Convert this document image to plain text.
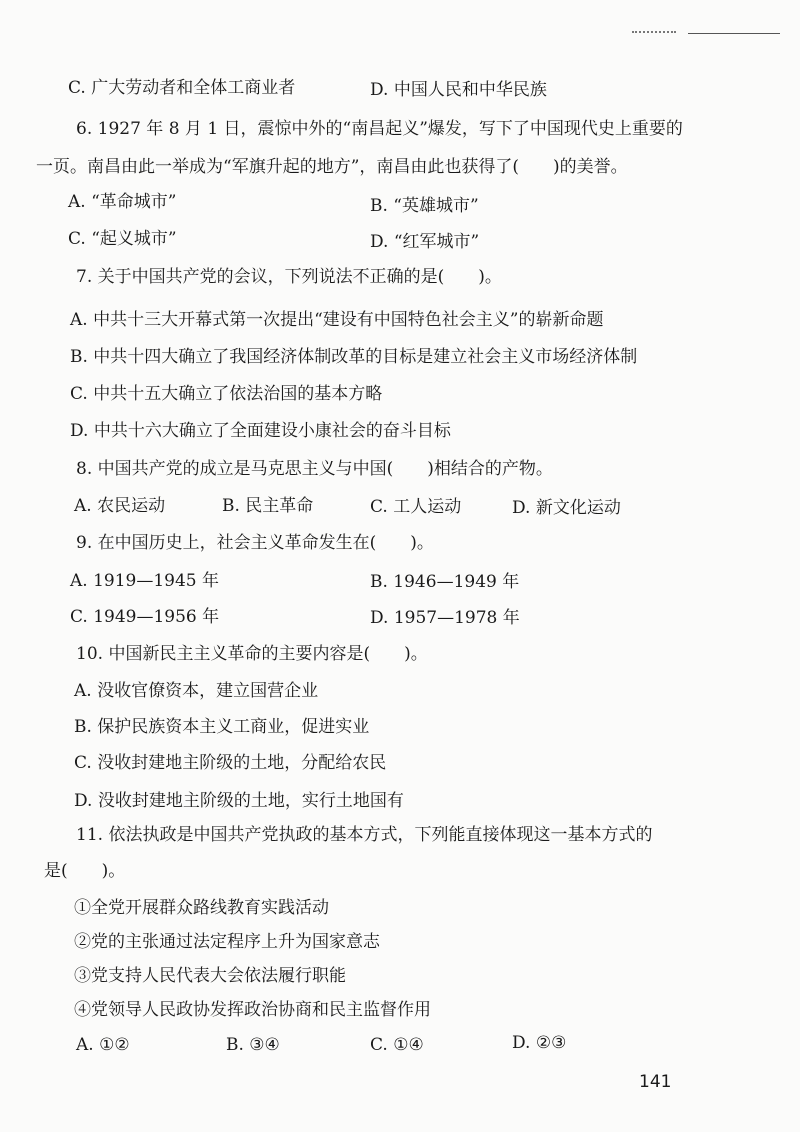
C. 广大劳动者和全体工商业者	D. 中国人民和中华民族
6. 1927 年 8 月 1 日，震惊中外的“南昌起义”爆发，写下了中国现代史上重要的
一页。南昌由此一举成为“军旗升起的地方”，南昌由此也获得了(　　)的美誉。
A. “革命城市”	B. “英雄城市”
C. “起义城市”	D. “红军城市”
7. 关于中国共产党的会议，下列说法不正确的是(　　)。
A. 中共十三大开幕式第一次提出“建设有中国特色社会主义”的崭新命题
B. 中共十四大确立了我国经济体制改革的目标是建立社会主义市场经济体制
C. 中共十五大确立了依法治国的基本方略
D. 中共十六大确立了全面建设小康社会的奋斗目标
8. 中国共产党的成立是马克思主义与中国(　　)相结合的产物。
A. 农民运动	B. 民主革命	C. 工人运动	D. 新文化运动
9. 在中国历史上，社会主义革命发生在(　　)。
A. 1919—1945 年	B. 1946—1949 年
C. 1949—1956 年	D. 1957—1978 年
10. 中国新民主主义革命的主要内容是(　　)。
A. 没收官僚资本，建立国营企业
B. 保护民族资本主义工商业，促进实业
C. 没收封建地主阶级的土地，分配给农民
D. 没收封建地主阶级的土地，实行土地国有
11. 依法执政是中国共产党执政的基本方式，下列能直接体现这一基本方式的
是(　　)。
①全党开展群众路线教育实践活动
②党的主张通过法定程序上升为国家意志
③党支持人民代表大会依法履行职能
④党领导人民政协发挥政治协商和民主监督作用
A. ①②	B. ③④	C. ①④	D. ②③
141
